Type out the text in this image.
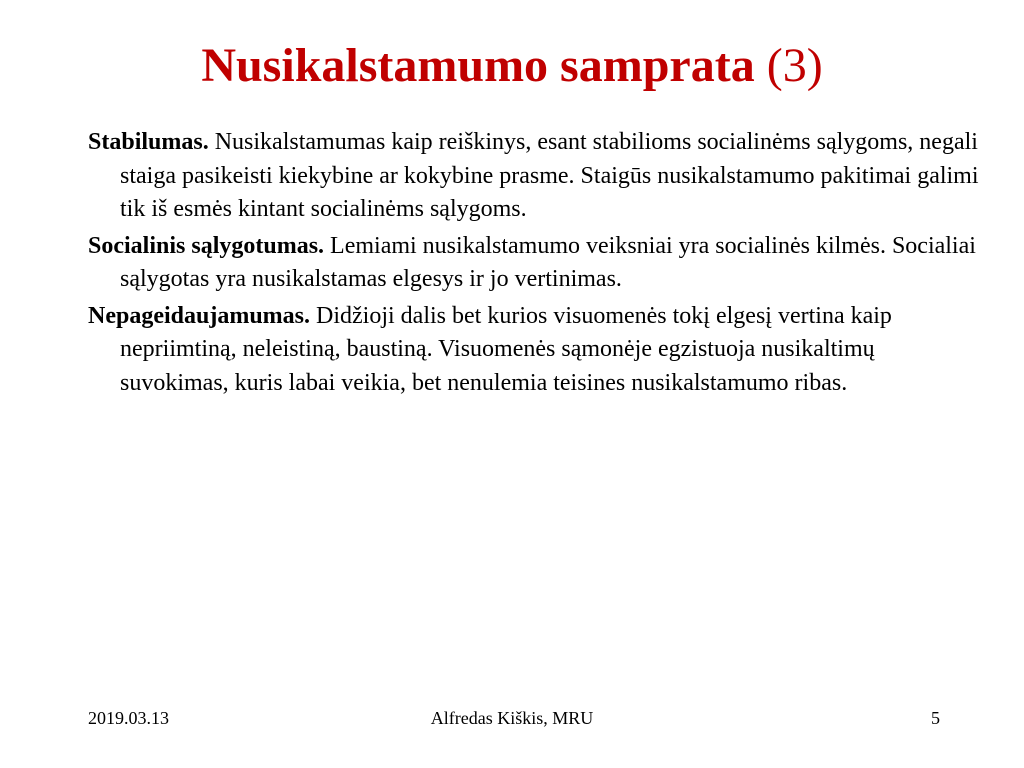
Nusikalstamumo samprata (3)

Stabilumas. Nusikalstamumas kaip reiškinys, esant stabilioms socialinėms sąlygoms, negali staiga pasikeisti kiekybine ar kokybine prasme. Staigūs nusikalstamumo pakitimai galimi tik iš esmės kintant socialinėms sąlygoms.

Socialinis sąlygotumas. Lemiami nusikalstamumo veiksniai yra socialinės kilmės. Socialiai sąlygotas yra nusikalstamas elgesys ir jo vertinimas.

Nepageidaujamumas. Didžioji dalis bet kurios visuomenės tokį elgesį vertina kaip nepriimtiną, neleistiną, baustiną. Visuomenės sąmonėje egzistuoja nusikaltimų suvokimas, kuris labai veikia, bet nenulemia teisines nusikalstamumo ribas.

2019.03.13	Alfredas Kiškis, MRU	5
